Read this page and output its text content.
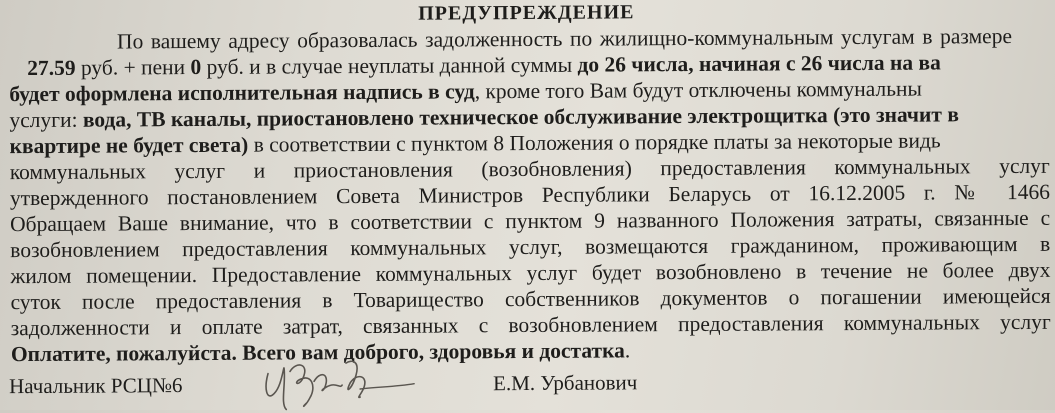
ПРЕДУПРЕЖДЕНИЕ
По вашему адресу образовалась задолженность по жилищно-коммунальным услугам в размере
27.59 руб. + пени 0 руб. и в случае неуплаты данной суммы до 26 числа, начиная с 26 числа на ва
будет оформлена исполнительная надпись в суд, кроме того Вам будут отключены коммунальны
услуги: вода, ТВ каналы, приостановлено техническое обслуживание электрощитка (это значит в
квартире не будет света) в соответствии с пунктом 8 Положения о порядке платы за некоторые видь
коммунальных услуг и приостановления (возобновления) предоставления коммунальных услуг
утвержденного постановлением Совета Министров Республики Беларусь от 16.12.2005 г. № 1466
Обращаем Ваше внимание, что в соответствии с пунктом 9 названного Положения затраты, связанные с
возобновлением предоставления коммунальных услуг, возмещаются гражданином, проживающим в
жилом помещении. Предоставление коммунальных услуг будет возобновлено в течение не более двух
суток после предоставления в Товарищество собственников документов о погашении имеющейся
задолженности и оплате затрат, связанных с возобновлением предоставления коммунальных услуг
Оплатите, пожалуйста. Всего вам доброго, здоровья и достатка.
Начальник РСЦ№6	Е.М. Урбанович
